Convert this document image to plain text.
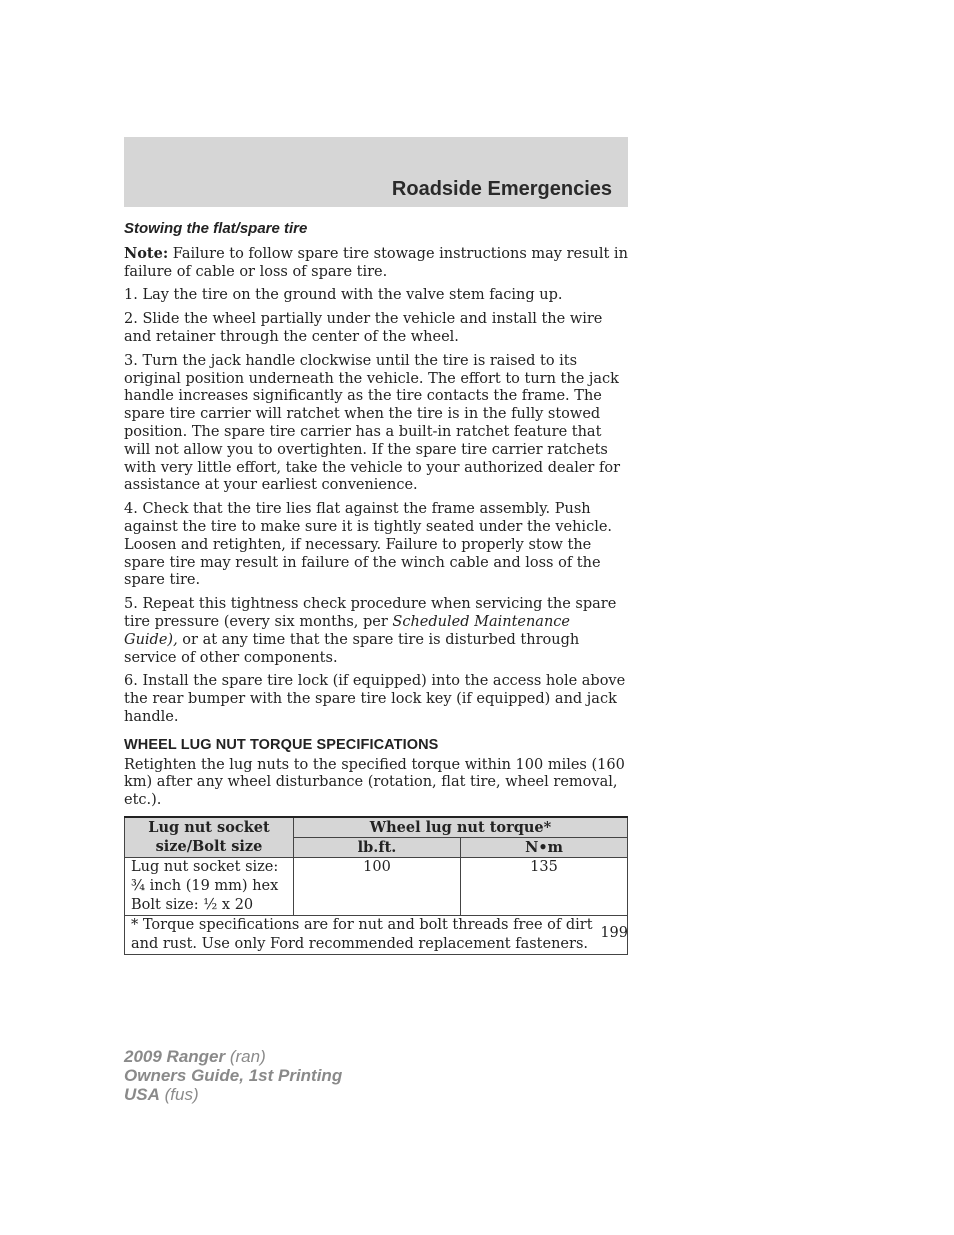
Roadside Emergencies
Stowing the flat/spare tire

Note: Failure to follow spare tire stowage instructions may result in failure of cable or loss of spare tire.

1. Lay the tire on the ground with the valve stem facing up.

2. Slide the wheel partially under the vehicle and install the wire and retainer through the center of the wheel.

3. Turn the jack handle clockwise until the tire is raised to its original position underneath the vehicle. The effort to turn the jack handle increases significantly as the tire contacts the frame. The spare tire carrier will ratchet when the tire is in the fully stowed position. The spare tire carrier has a built-in ratchet feature that will not allow you to overtighten. If the spare tire carrier ratchets with very little effort, take the vehicle to your authorized dealer for assistance at your earliest convenience.

4. Check that the tire lies flat against the frame assembly. Push against the tire to make sure it is tightly seated under the vehicle. Loosen and retighten, if necessary. Failure to properly stow the spare tire may result in failure of the winch cable and loss of the spare tire.

5. Repeat this tightness check procedure when servicing the spare tire pressure (every six months, per Scheduled Maintenance Guide), or at any time that the spare tire is disturbed through service of other components.

6. Install the spare tire lock (if equipped) into the access hole above the rear bumper with the spare tire lock key (if equipped) and jack handle.

WHEEL LUG NUT TORQUE SPECIFICATIONS

Retighten the lug nuts to the specified torque within 100 miles (160 km) after any wheel disturbance (rotation, flat tire, wheel removal, etc.).

Lug nut socket size/Bolt size	Wheel lug nut torque*	
	lb.ft.	N•m

Lug nut socket size: ¾ inch (19 mm) hex
Bolt size: ½ x 20	100	135
* Torque specifications are for nut and bolt threads free of dirt and rust. Use only Ford recommended replacement fasteners.		
199
2009 Ranger (ran)
Owners Guide, 1st Printing
USA (fus)
